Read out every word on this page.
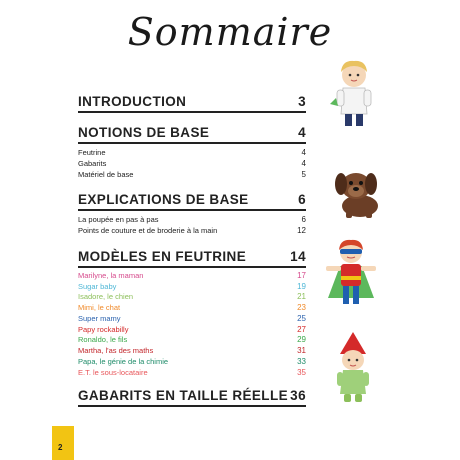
Sommaire
INTRODUCTION	3
NOTIONS DE BASE	4
Feutrine	4
Gabarits	4
Matériel de base	5
EXPLICATIONS DE BASE	6
La poupée en pas à pas	6
Points de couture et de broderie à la main	12
MODÈLES EN FEUTRINE	14
Marilyne, la maman	17
Sugar baby	19
Isadore, le chien	21
Mimi, le chat	23
Super mamy	25
Papy rockabilly	27
Ronaldo, le fils	29
Martha, l'as des maths	31
Papa, le génie de la chimie	33
E.T. le sous-locataire	35
GABARITS EN TAILLE RÉELLE 36
2
